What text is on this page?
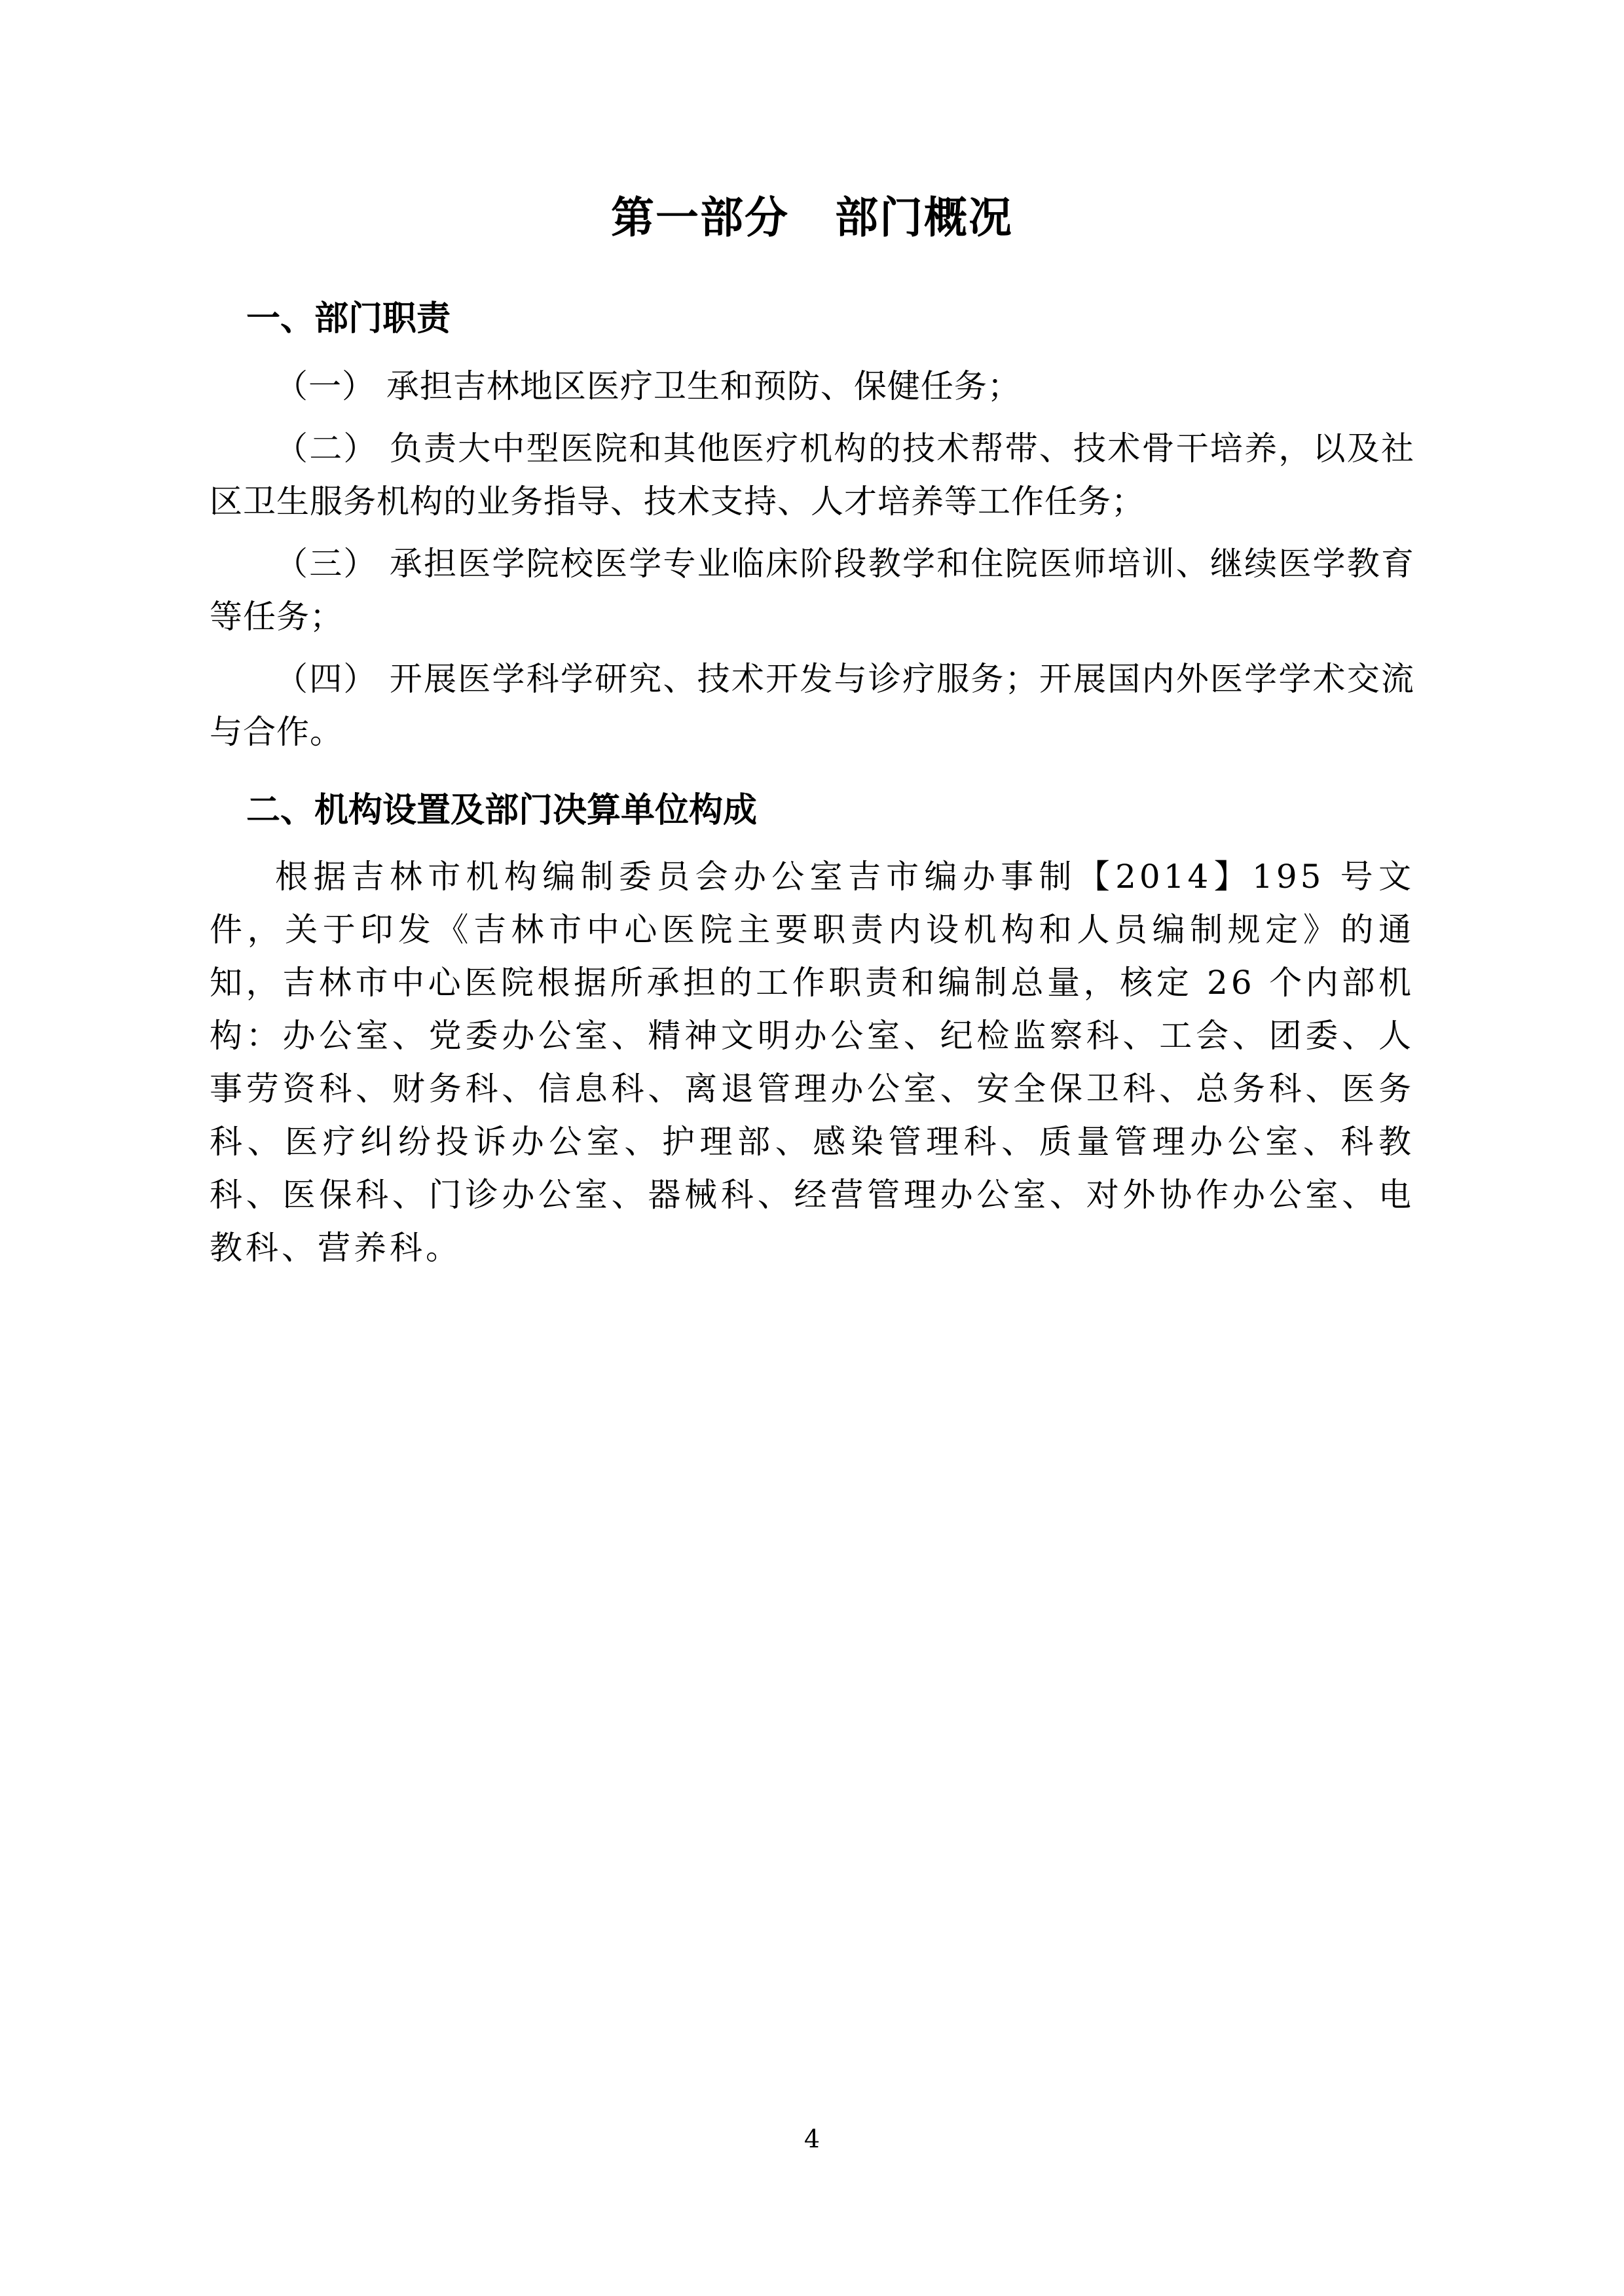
第一部分 部门概况
一、部门职责

（一） 承担吉林地区医疗卫生和预防、保健任务；

（二） 负责大中型医院和其他医疗机构的技术帮带、技术骨干培养，以及社区卫生服务机构的业务指导、技术支持、人才培养等工作任务；

（三） 承担医学院校医学专业临床阶段教学和住院医师培训、继续医学教育等任务；

（四） 开展医学科学研究、技术开发与诊疗服务；开展国内外医学学术交流与合作。

二、机构设置及部门决算单位构成

根据吉林市机构编制委员会办公室吉市编办事制【2014】195 号文件，关于印发《吉林市中心医院主要职责内设机构和人员编制规定》的通知，吉林市中心医院根据所承担的工作职责和编制总量，核定 26 个内部机构：办公室、党委办公室、精神文明办公室、纪检监察科、工会、团委、人事劳资科、财务科、信息科、离退管理办公室、安全保卫科、总务科、医务科、医疗纠纷投诉办公室、护理部、感染管理科、质量管理办公室、科教科、医保科、门诊办公室、器械科、经营管理办公室、对外协作办公室、电教科、营养科。

4
